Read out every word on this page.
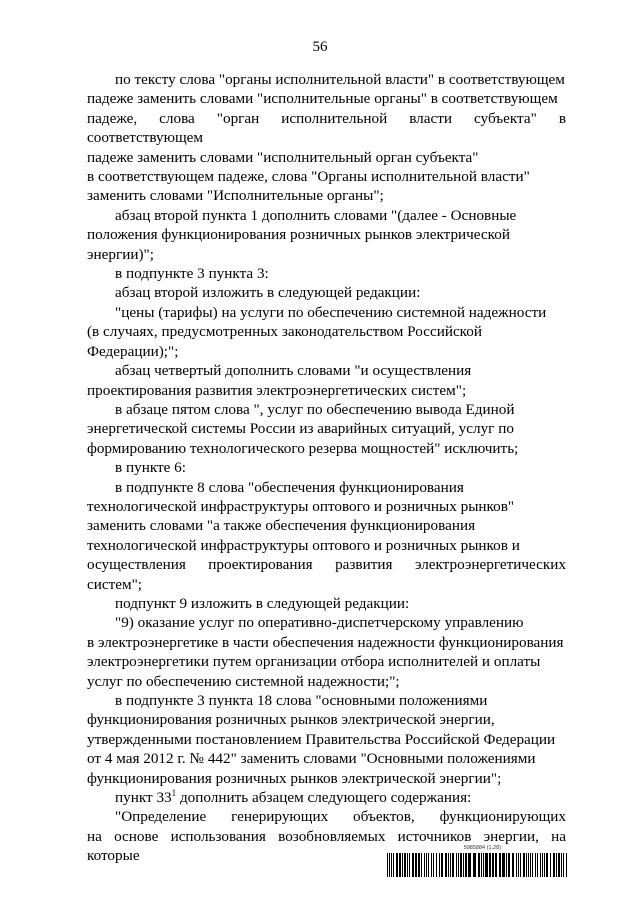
56

по тексту слова "органы исполнительной власти" в соответствующем
падеже заменить словами "исполнительные органы" в соответствующем
падеже, слова "орган исполнительной власти субъекта" в соответствующем
падеже заменить словами "исполнительный орган субъекта"
в соответствующем падеже, слова "Органы исполнительной власти"
заменить словами "Исполнительные органы";

абзац второй пункта 1 дополнить словами "(далее - Основные
положения функционирования розничных рынков электрической
энергии)";

в подпункте 3 пункта 3:

абзац второй изложить в следующей редакции:

"цены (тарифы) на услуги по обеспечению системной надежности
(в случаях, предусмотренных законодательством Российской
Федерации);";

абзац четвертый дополнить словами "и осуществления
проектирования развития электроэнергетических систем";

в абзаце пятом слова ", услуг по обеспечению вывода Единой
энергетической системы России из аварийных ситуаций, услуг по
формированию технологического резерва мощностей" исключить;

в пункте 6:

в подпункте 8 слова "обеспечения функционирования
технологической инфраструктуры оптового и розничных рынков"
заменить словами "а также обеспечения функционирования
технологической инфраструктуры оптового и розничных рынков и
осуществления проектирования развития электроэнергетических систем";

подпункт 9 изложить в следующей редакции:

"9) оказание услуг по оперативно-диспетчерскому управлению
в электроэнергетике в части обеспечения надежности функционирования
электроэнергетики путем организации отбора исполнителей и оплаты
услуг по обеспечению системной надежности;";

в подпункте 3 пункта 18 слова "основными положениями
функционирования розничных рынков электрической энергии,
утвержденными постановлением Правительства Российской Федерации
от 4 мая 2012 г. № 442" заменить словами "Основными положениями
функционирования розничных рынков электрической энергии";

пункт $33^1$ дополнить абзацем следующего содержания:

"Определение генерирующих объектов, функционирующих
на основе использования возобновляемых источников энергии, на которые	5985884 (1.28)
